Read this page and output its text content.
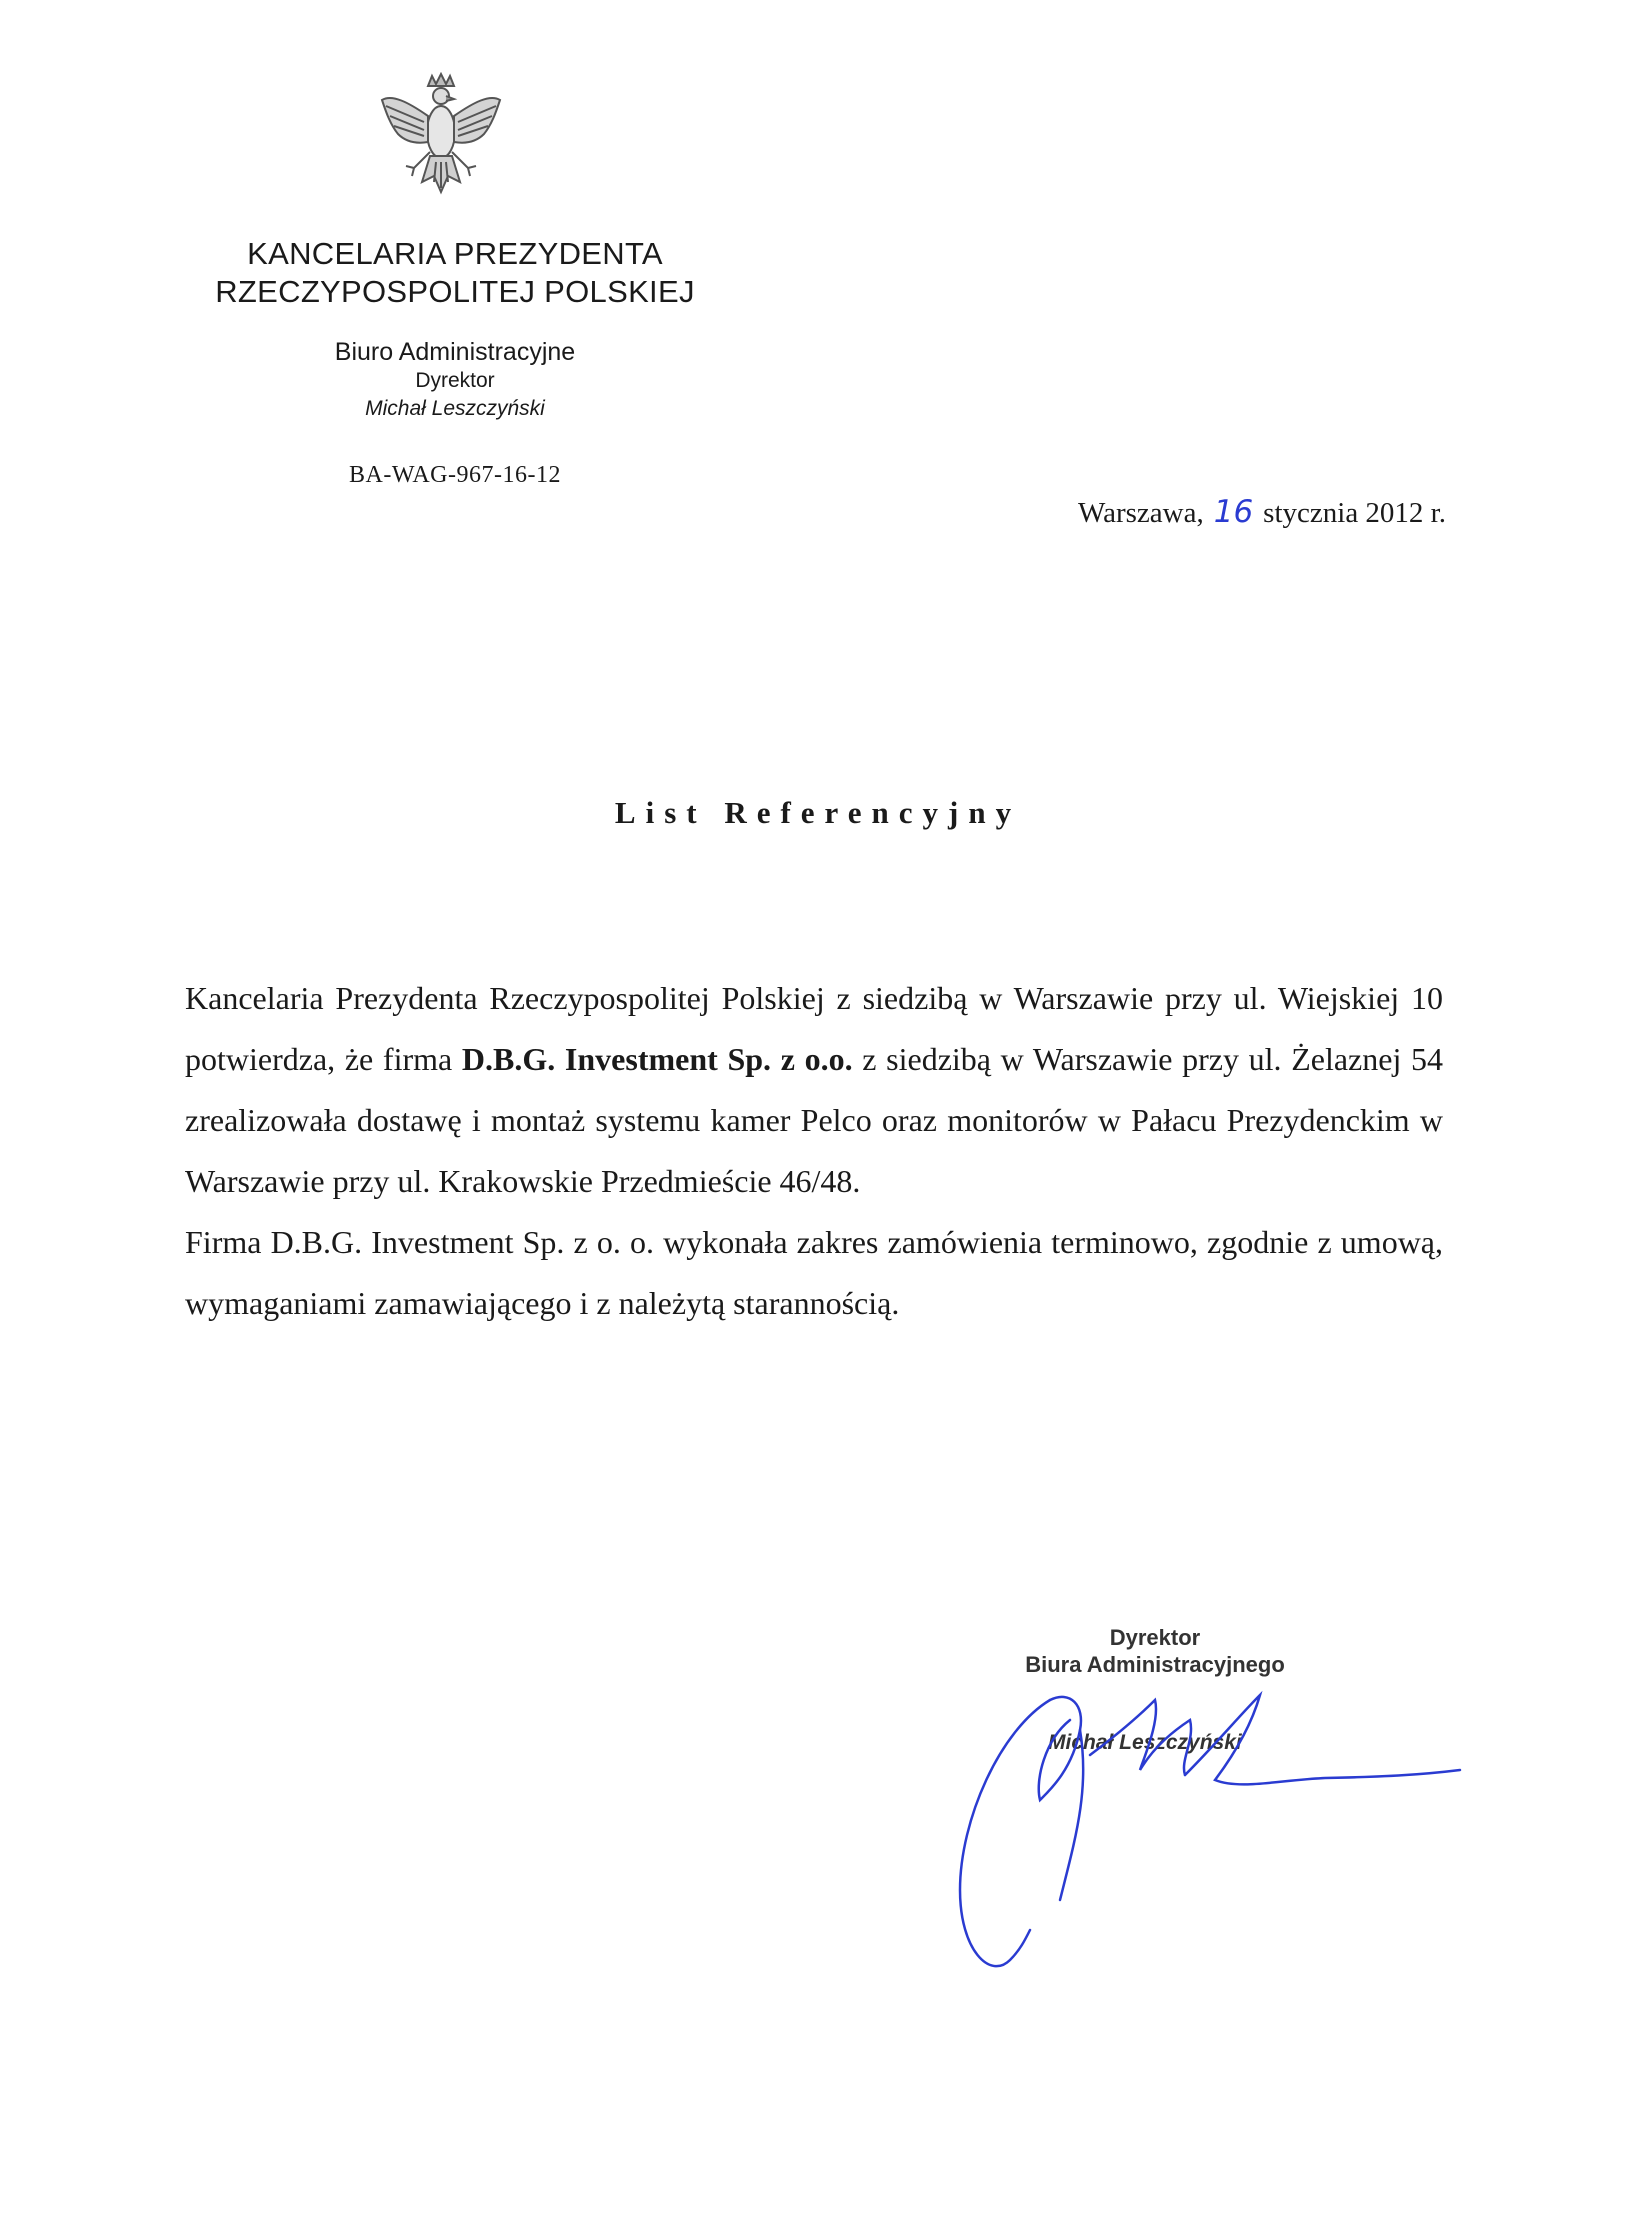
KANCELARIA PREZYDENTA
RZECZYPOSPOLITEJ POLSKIEJ
Biuro Administracyjne
Dyrektor
Michał Leszczyński
BA-WAG-967-16-12
Warszawa, 16 stycznia 2012 r.
List Referencyjny

Kancelaria Prezydenta Rzeczypospolitej Polskiej z siedzibą w Warszawie przy ul. Wiejskiej 10 potwierdza, że firma D.B.G. Investment Sp. z o.o. z siedzibą w Warszawie przy ul. Żelaznej 54 zrealizowała dostawę i montaż systemu kamer Pelco oraz monitorów w Pałacu Prezydenckim w Warszawie przy ul. Krakowskie Przedmieście 46/48.

Firma D.B.G. Investment Sp. z o. o. wykonała zakres zamówienia terminowo, zgodnie z umową, wymaganiami zamawiającego i z należytą starannością.

Dyrektor
Biura Administracyjnego
Michał Leszczyński
